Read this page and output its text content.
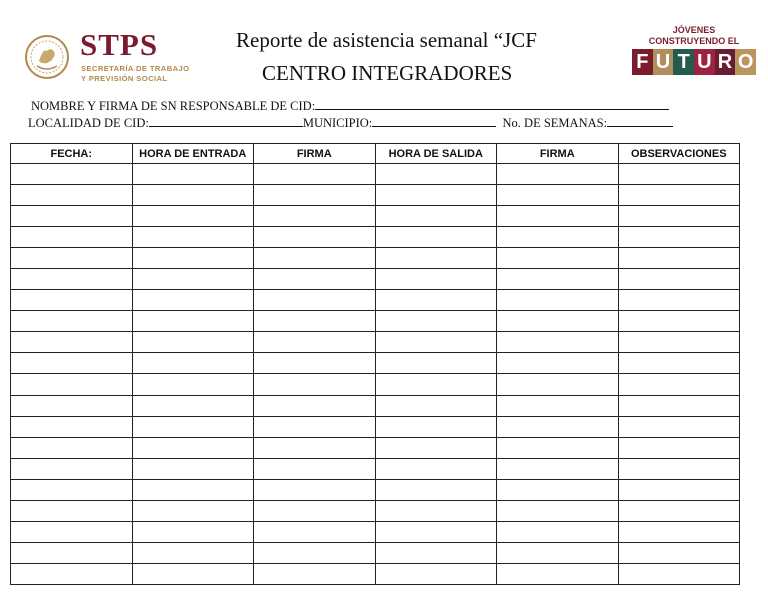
STPS
SECRETARÍA DE TRABAJO
Y PREVISIÓN SOCIAL
Reporte de asistencia semanal “JCF
CENTRO INTEGRADORES
JÓVENES
CONSTRUYENDO EL
F U T U R O
NOMBRE Y FIRMA DE SN RESPONSABLE DE CID:
LOCALIDAD DE CID:	MUNICIPIO:	No. DE SEMANAS:
FECHA:	HORA DE ENTRADA	FIRMA	HORA DE SALIDA	FIRMA	OBSERVACIONES
